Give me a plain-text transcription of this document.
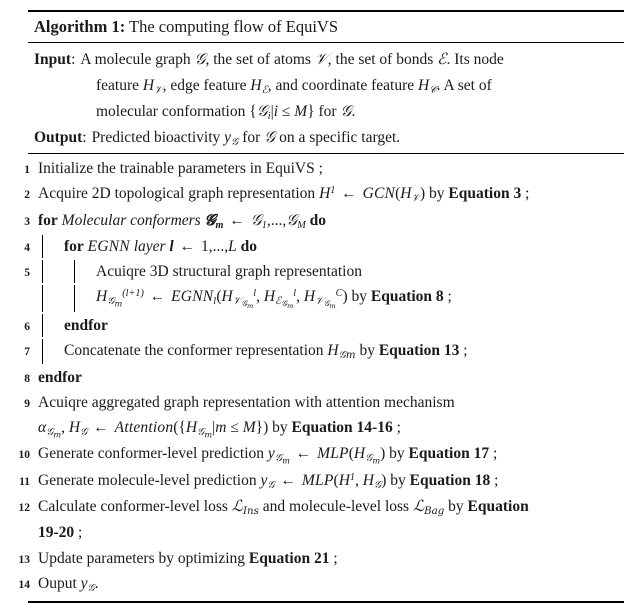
Algorithm 1: The computing flow of EquiVS
Input: A molecule graph 𝒢, the set of atoms 𝒱, the set of bonds ℰ. Its node
feature $H_𝒱$, edge feature $H_ℰ$, and coordinate feature $H_𝒞$. A set of
molecular conformation {𝒢$_i$|i ≤ M} for 𝒢.
Output: Predicted bioactivity $y_𝒢$ for 𝒢 on a specific target.
1 Initialize the trainable parameters in EquiVS ;
2 Acquire 2D topological graph representation $H^1$ ← $GCN(H_𝒱)$ by Equation 3 ;
3 for Molecular conformers 𝓖$_m$ ← 𝒢$_1$,...,𝒢$_M$ do
4 for EGNN layer l ← 1,...,L do
5	Acuiqre 3D structural graph representation
$H_{𝒢_m}^{(l+1)}$ ← $EGNN_l(H_{𝒱_{𝒢_m}}^l$, $H_{ℰ_{𝒢_m}}^l$, $H_{𝒱_{𝒢_m}}^C$) by Equation 8 ;
6 endfor
7 Concatenate the conformer representation $H_{𝒢m}$ by Equation 13 ;
8 endfor
9 Acuiqre aggregated graph representation with attention mechanism
$\alpha_{𝒢_m}$, $H_𝒢$ ← $Attention(\{H_{𝒢_m}|m \le M\})$ by Equation 14-16 ;
10 Generate conformer-level prediction $y_{𝒢_m}$ ← $MLP(H_{𝒢_m})$ by Equation 17 ;
11 Generate molecule-level prediction $y_𝒢$ ← $MLP(H^1$, $H_𝒢$) by Equation 18 ;
12 Calculate conformer-level loss ℒ$_{Ins}$ and molecule-level loss ℒ$_{Bag}$ by Equation
19-20 ;
13 Update parameters by optimizing Equation 21 ;
14 Ouput $y_𝒢$.
